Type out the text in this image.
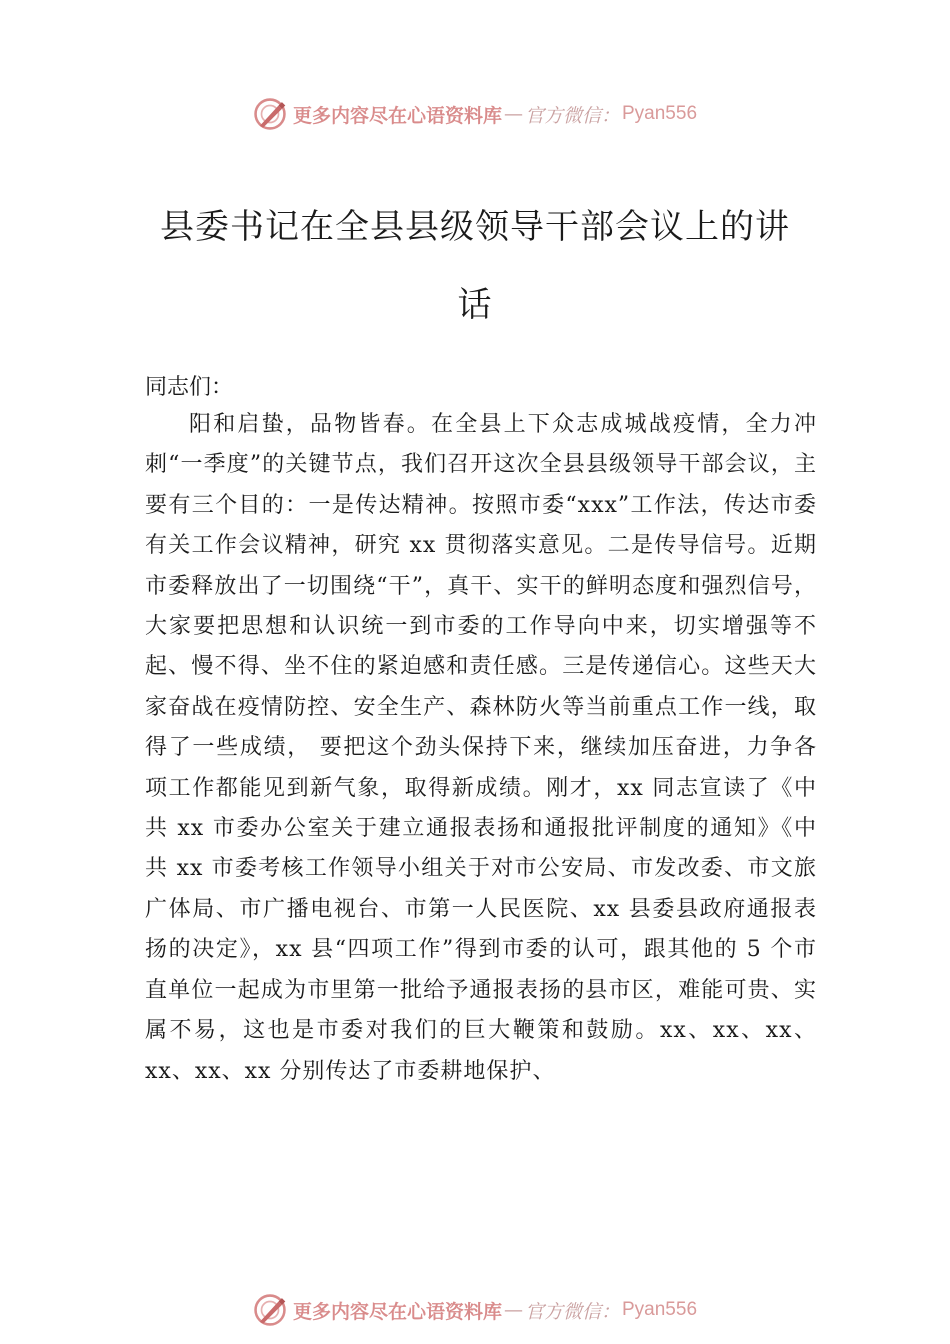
更多内容尽在心语资料库 — 官方微信： Pyan556
县委书记在全县县级领导干部会议上的讲话

同志们：

阳和启蛰，品物皆春。在全县上下众志成城战疫情，全力冲刺“一季度”的关键节点，我们召开这次全县县级领导干部会议，主要有三个目的：一是传达精神。按照市委“xxx”工作法，传达市委有关工作会议精神，研究 xx 贯彻落实意见。二是传导信号。近期市委释放出了一切围绕“干”，真干、实干的鲜明态度和强烈信号，大家要把思想和认识统一到市委的工作导向中来，切实增强等不起、慢不得、坐不住的紧迫感和责任感。三是传递信心。这些天大家奋战在疫情防控、安全生产、森林防火等当前重点工作一线，取得了一些成绩， 要把这个劲头保持下来，继续加压奋进，力争各项工作都能见到新气象，取得新成绩。刚才，xx 同志宣读了《中共 xx 市委办公室关于建立通报表扬和通报批评制度的通知》《中共 xx 市委考核工作领导小组关于对市公安局、市发改委、市文旅广体局、市广播电视台、市第一人民医院、xx 县委县政府通报表扬的决定》，xx 县“四项工作”得到市委的认可，跟其他的 5 个市直单位一起成为市里第一批给予通报表扬的县市区，难能可贵、实属不易，这也是市委对我们的巨大鞭策和鼓励。xx、xx、xx、xx、xx、xx 分别传达了市委耕地保护、

更多内容尽在心语资料库 — 官方微信： Pyan556
